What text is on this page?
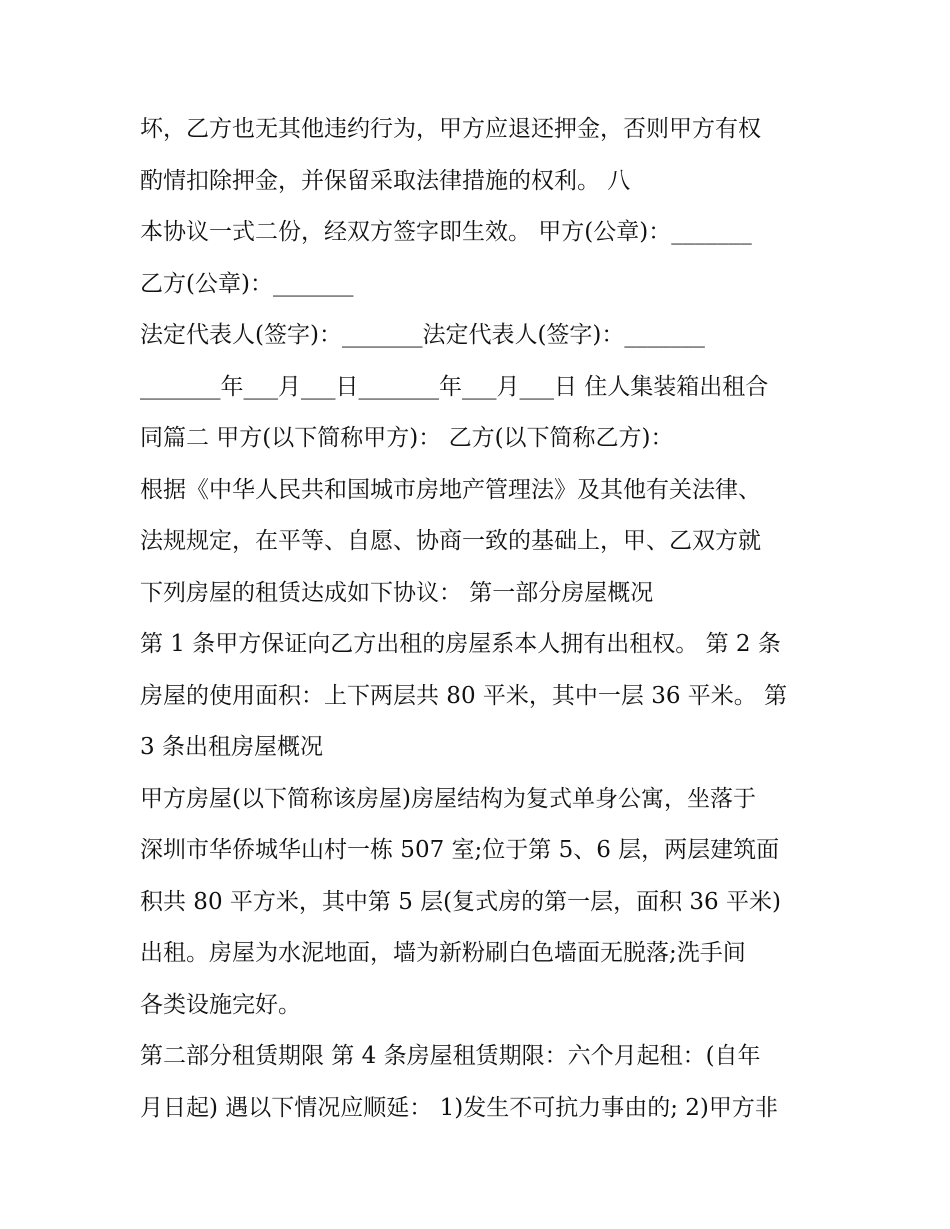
坏，乙方也无其他违约行为，甲方应退还押金，否则甲方有权
酌情扣除押金，并保留采取法律措施的权利。 八
本协议一式二份，经双方签字即生效。 甲方(公章)：_______
乙方(公章)：_______
法定代表人(签字)：_______法定代表人(签字)：_______
_______年___月___日_______年___月___日 住人集装箱出租合
同篇二 甲方(以下简称甲方)： 乙方(以下简称乙方)：
根据《中华人民共和国城市房地产管理法》及其他有关法律、
法规规定，在平等、自愿、协商一致的基础上，甲、乙双方就
下列房屋的租赁达成如下协议： 第一部分房屋概况
第 1 条甲方保证向乙方出租的房屋系本人拥有出租权。 第 2 条
房屋的使用面积：上下两层共 80 平米，其中一层 36 平米。 第
3 条出租房屋概况
甲方房屋(以下简称该房屋)房屋结构为复式单身公寓，坐落于
深圳市华侨城华山村一栋 507 室;位于第 5、6 层，两层建筑面
积共 80 平方米，其中第 5 层(复式房的第一层，面积 36 平米)
出租。房屋为水泥地面，墙为新粉刷白色墙面无脱落;洗手间
各类设施完好。
第二部分租赁期限 第 4 条房屋租赁期限：六个月起租：(自年
月日起) 遇以下情况应顺延： 1)发生不可抗力事由的; 2)甲方非
